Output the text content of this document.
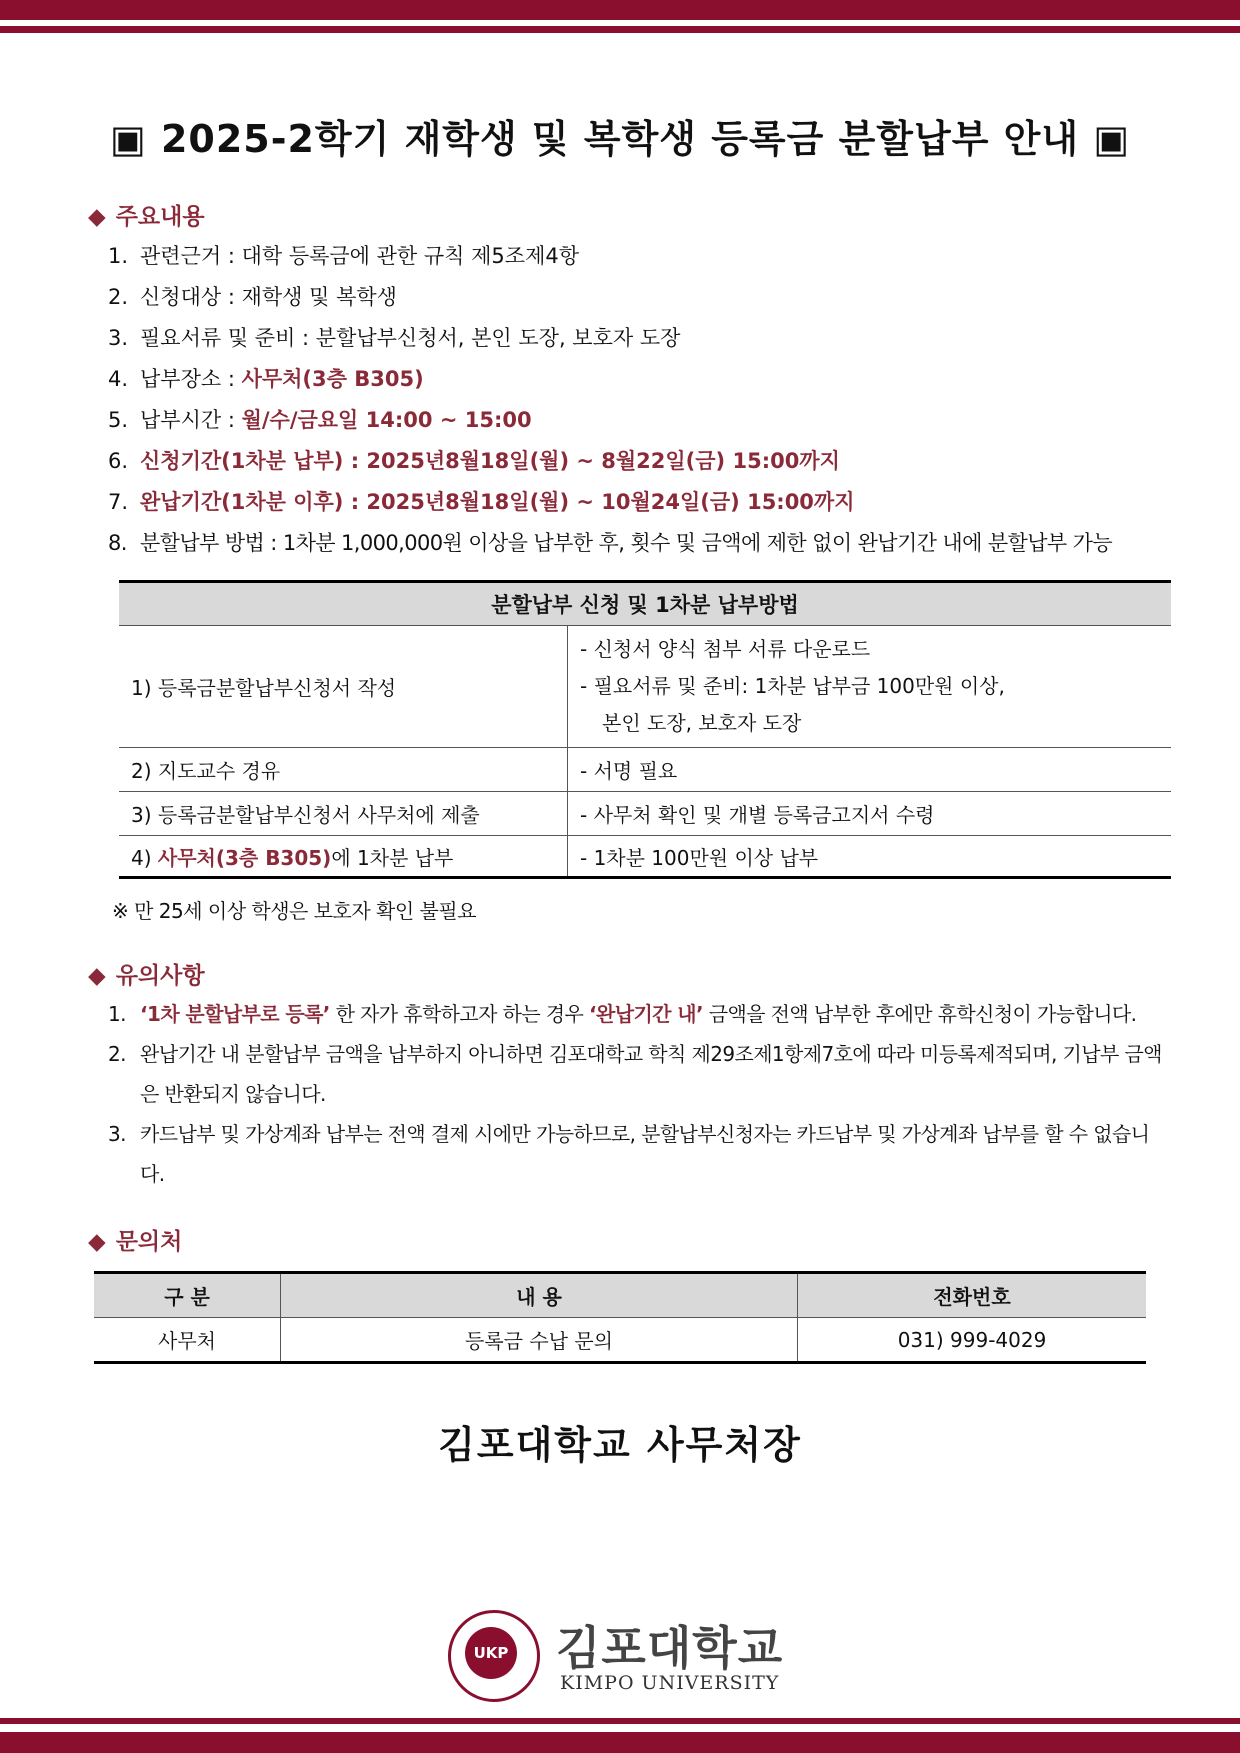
▣ 2025-2학기 재학생 및 복학생 등록금 분할납부 안내 ▣
◆ 주요내용
1. 관련근거 : 대학 등록금에 관한 규칙 제5조제4항
2. 신청대상 : 재학생 및 복학생
3. 필요서류 및 준비 : 분할납부신청서, 본인 도장, 보호자 도장
4. 납부장소 : 사무처(3층 B305)
5. 납부시간 : 월/수/금요일 14:00 ~ 15:00
6. 신청기간(1차분 납부) : 2025년8월18일(월) ~ 8월22일(금) 15:00까지
7. 완납기간(1차분 이후) : 2025년8월18일(월) ~ 10월24일(금) 15:00까지
8. 분할납부 방법 : 1차분 1,000,000원 이상을 납부한 후, 횟수 및 금액에 제한 없이 완납기간 내에 분할납부 가능
분할납부 신청 및 1차분 납부방법	
1) 등록금분할납부신청서 작성	- 신청서 양식 첨부 서류 다운로드
- 필요서류 및 준비: 1차분 납부금 100만원 이상,
본인 도장, 보호자 도장

2) 지도교수 경유	- 서명 필요
3) 등록금분할납부신청서 사무처에 제출	- 사무처 확인 및 개별 등록금고지서 수령
4) 사무처(3층 B305)에 1차분 납부	- 1차분 100만원 이상 납부
※ 만 25세 이상 학생은 보호자 확인 불필요
◆ 유의사항
1. ‘1차 분할납부로 등록’ 한 자가 휴학하고자 하는 경우 ‘완납기간 내’ 금액을 전액 납부한 후에만 휴학신청이 가능합니다.
2. 완납기간 내 분할납부 금액을 납부하지 아니하면 김포대학교 학칙 제29조제1항제7호에 따라 미등록제적되며, 기납부 금액은 반환되지 않습니다.
3. 카드납부 및 가상계좌 납부는 전액 결제 시에만 가능하므로, 분할납부신청자는 카드납부 및 가상계좌 납부를 할 수 없습니다.
◆ 문의처
구 분	내 용	전화번호
사무처	등록금 수납 문의	031) 999-4029
김포대학교 사무처장
UKP 김포대학교
KIMPO UNIVERSITY
